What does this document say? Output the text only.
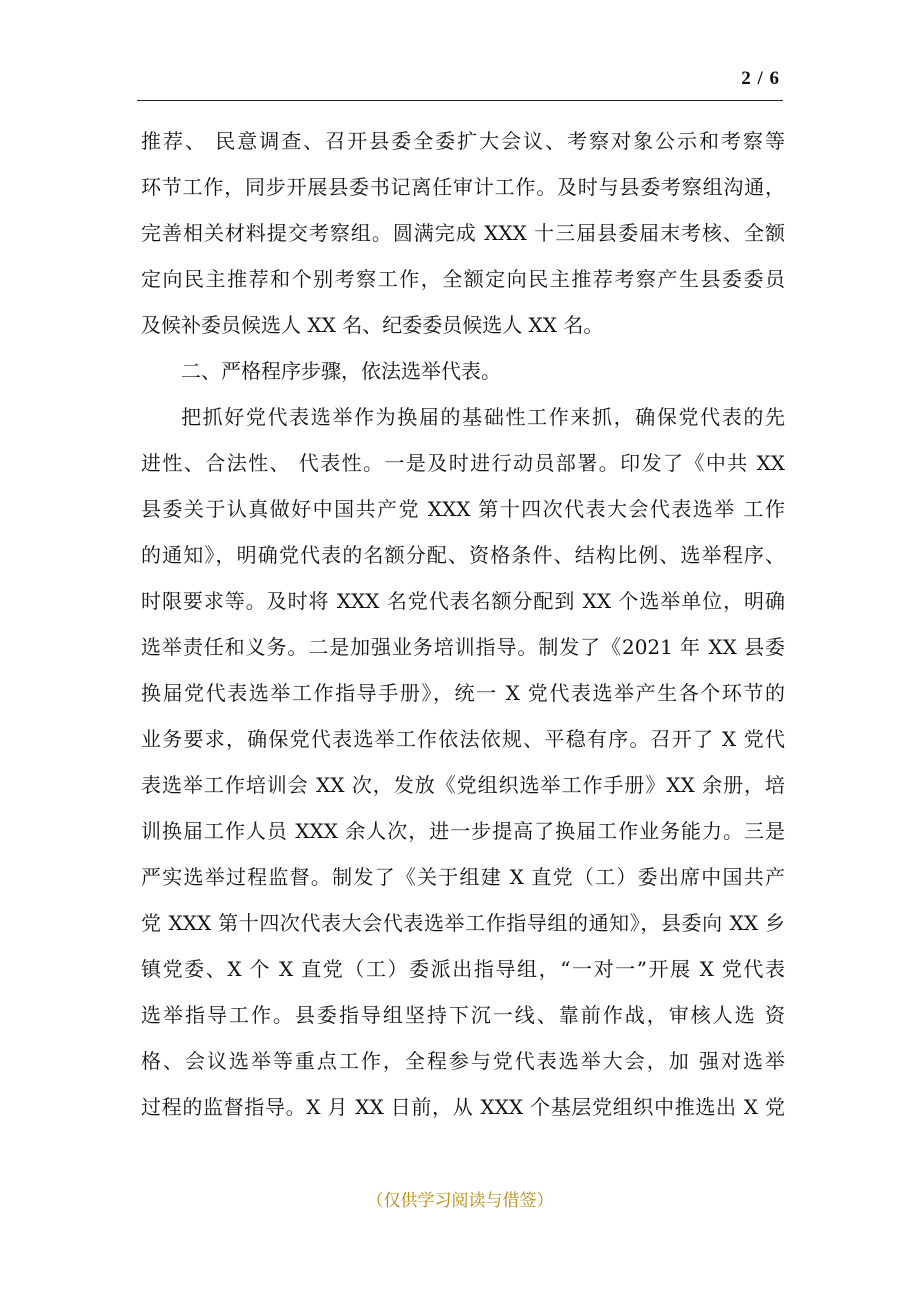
2 / 6
推荐、 民意调查、召开县委全委扩大会议、考察对象公示和考察等
环节工作，同步开展县委书记离任审计工作。及时与县委考察组沟通，
完善相关材料提交考察组。圆满完成 XXX 十三届县委届末考核、全额
定向民主推荐和个别考察工作，全额定向民主推荐考察产生县委委员
及候补委员候选人 XX 名、纪委委员候选人 XX 名。
二、严格程序步骤，依法选举代表。
把抓好党代表选举作为换届的基础性工作来抓，确保党代表的先
进性、合法性、 代表性。一是及时进行动员部署。印发了《中共 XX
县委关于认真做好中国共产党 XXX 第十四次代表大会代表选举 工作
的通知》，明确党代表的名额分配、资格条件、结构比例、选举程序、
时限要求等。及时将 XXX 名党代表名额分配到 XX 个选举单位，明确
选举责任和义务。二是加强业务培训指导。制发了《2021 年 XX 县委
换届党代表选举工作指导手册》，统一 X 党代表选举产生各个环节的
业务要求，确保党代表选举工作依法依规、平稳有序。召开了 X 党代
表选举工作培训会 XX 次，发放《党组织选举工作手册》XX 余册，培
训换届工作人员 XXX 余人次，进一步提高了换届工作业务能力。三是
严实选举过程监督。制发了《关于组建 X 直党（工）委出席中国共产
党 XXX 第十四次代表大会代表选举工作指导组的通知》，县委向 XX 乡
镇党委、X 个 X 直党（工）委派出指导组，“一对一”开展 X 党代表
选举指导工作。县委指导组坚持下沉一线、靠前作战，审核人选 资
格、会议选举等重点工作，全程参与党代表选举大会，加 强对选举
过程的监督指导。X 月 XX 日前，从 XXX 个基层党组织中推选出 X 党
（仅供学习阅读与借签）
